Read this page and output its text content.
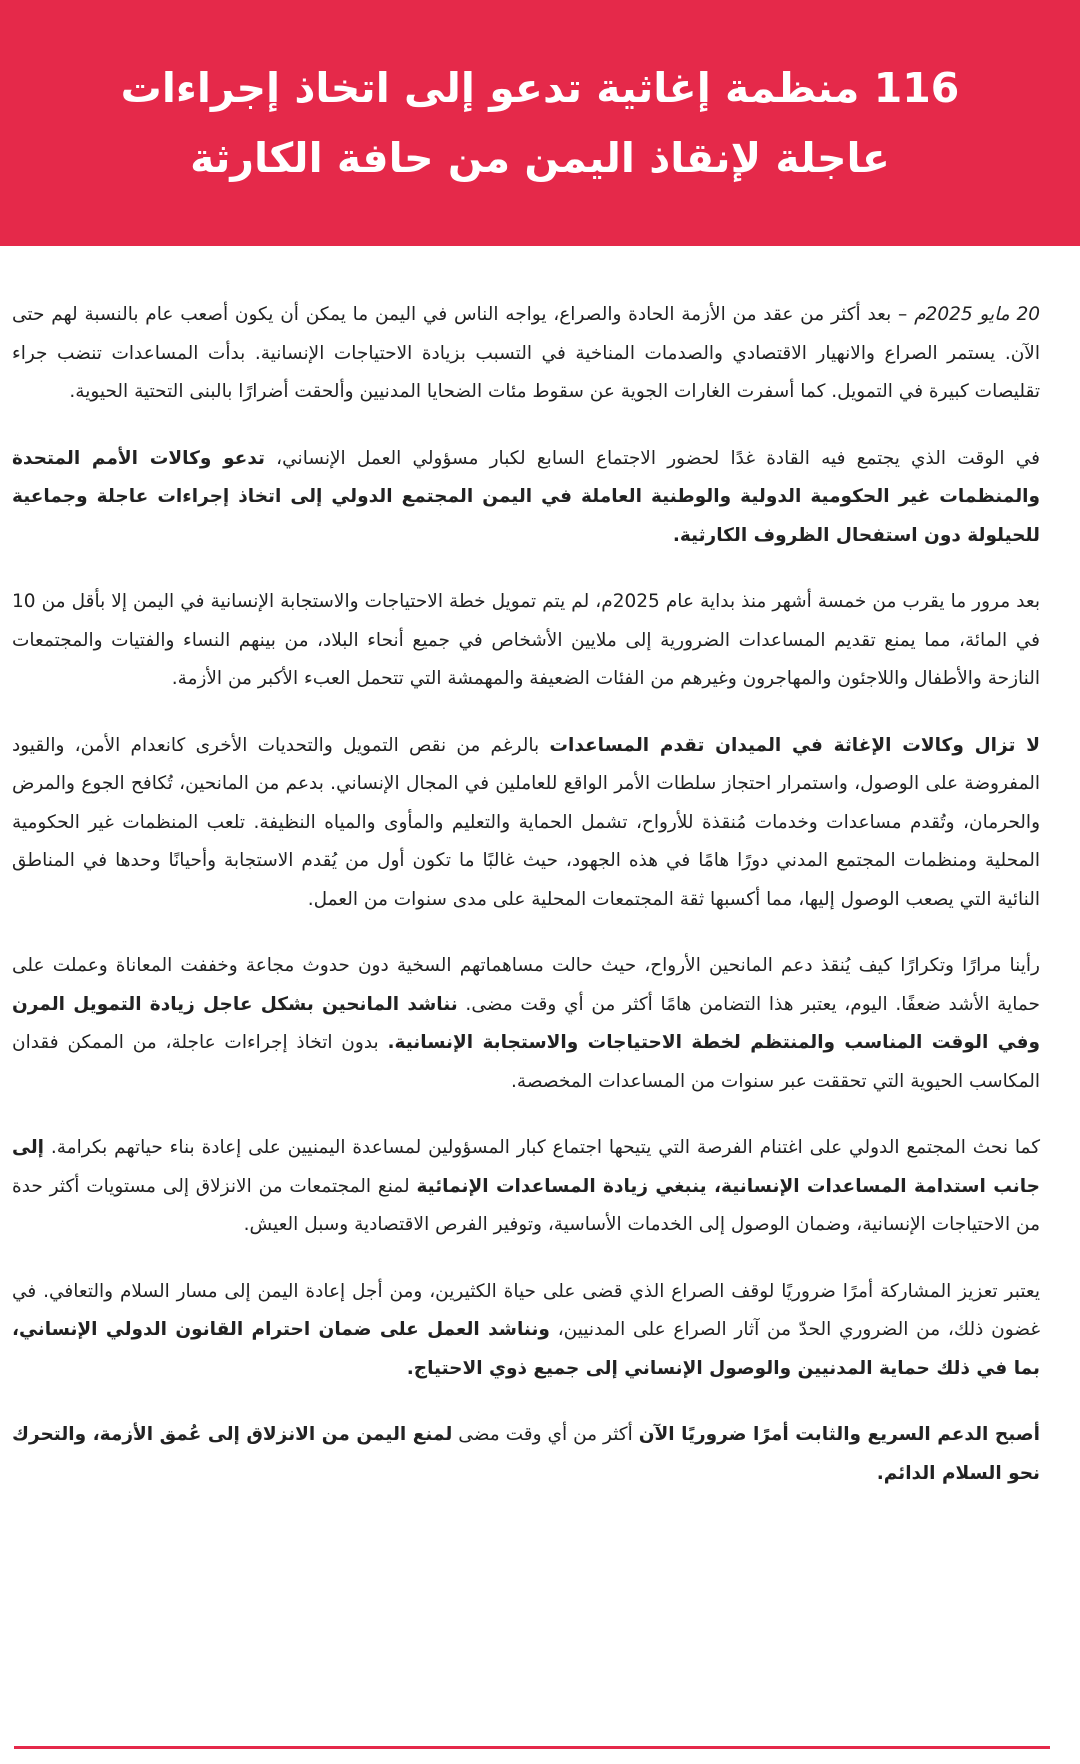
116 منظمة إغاثية تدعو إلى اتخاذ إجراءات عاجلة لإنقاذ اليمن من حافة الكارثة

20 مايو 2025م – بعد أكثر من عقد من الأزمة الحادة والصراع، يواجه الناس في اليمن ما يمكن أن يكون أصعب عام بالنسبة لهم حتى الآن. يستمر الصراع والانهيار الاقتصادي والصدمات المناخية في التسبب بزيادة الاحتياجات الإنسانية. بدأت المساعدات تنضب جراء تقليصات كبيرة في التمويل. كما أسفرت الغارات الجوية عن سقوط مئات الضحايا المدنيين وألحقت أضرارًا بالبنى التحتية الحيوية.

في الوقت الذي يجتمع فيه القادة غدًا لحضور الاجتماع السابع لكبار مسؤولي العمل الإنساني، تدعو وكالات الأمم المتحدة والمنظمات غير الحكومية الدولية والوطنية العاملة في اليمن المجتمع الدولي إلى اتخاذ إجراءات عاجلة وجماعية للحيلولة دون استفحال الظروف الكارثية.

بعد مرور ما يقرب من خمسة أشهر منذ بداية عام 2025م، لم يتم تمويل خطة الاحتياجات والاستجابة الإنسانية في اليمن إلا بأقل من 10 في المائة، مما يمنع تقديم المساعدات الضرورية إلى ملايين الأشخاص في جميع أنحاء البلاد، من بينهم النساء والفتيات والمجتمعات النازحة والأطفال واللاجئون والمهاجرون وغيرهم من الفئات الضعيفة والمهمشة التي تتحمل العبء الأكبر من الأزمة.

لا تزال وكالات الإغاثة في الميدان تقدم المساعدات بالرغم من نقص التمويل والتحديات الأخرى كانعدام الأمن، والقيود المفروضة على الوصول، واستمرار احتجاز سلطات الأمر الواقع للعاملين في المجال الإنساني. بدعم من المانحين، تُكافح الجوع والمرض والحرمان، وتُقدم مساعدات وخدمات مُنقذة للأرواح، تشمل الحماية والتعليم والمأوى والمياه النظيفة. تلعب المنظمات غير الحكومية المحلية ومنظمات المجتمع المدني دورًا هامًا في هذه الجهود، حيث غالبًا ما تكون أول من يُقدم الاستجابة وأحيانًا وحدها في المناطق النائية التي يصعب الوصول إليها، مما أكسبها ثقة المجتمعات المحلية على مدى سنوات من العمل.

رأينا مرارًا وتكرارًا كيف يُنقذ دعم المانحين الأرواح، حيث حالت مساهماتهم السخية دون حدوث مجاعة وخففت المعاناة وعملت على حماية الأشد ضعفًا. اليوم، يعتبر هذا التضامن هامًا أكثر من أي وقت مضى. نناشد المانحين بشكل عاجل زيادة التمويل المرن وفي الوقت المناسب والمنتظم لخطة الاحتياجات والاستجابة الإنسانية. بدون اتخاذ إجراءات عاجلة، من الممكن فقدان المكاسب الحيوية التي تحققت عبر سنوات من المساعدات المخصصة.

كما نحث المجتمع الدولي على اغتنام الفرصة التي يتيحها اجتماع كبار المسؤولين لمساعدة اليمنيين على إعادة بناء حياتهم بكرامة. إلى جانب استدامة المساعدات الإنسانية، ينبغي زيادة المساعدات الإنمائية لمنع المجتمعات من الانزلاق إلى مستويات أكثر حدة من الاحتياجات الإنسانية، وضمان الوصول إلى الخدمات الأساسية، وتوفير الفرص الاقتصادية وسبل العيش.

يعتبر تعزيز المشاركة أمرًا ضروريًا لوقف الصراع الذي قضى على حياة الكثيرين، ومن أجل إعادة اليمن إلى مسار السلام والتعافي. في غضون ذلك، من الضروري الحدّ من آثار الصراع على المدنيين، ونناشد العمل على ضمان احترام القانون الدولي الإنساني، بما في ذلك حماية المدنيين والوصول الإنساني إلى جميع ذوي الاحتياج.

أصبح الدعم السريع والثابت أمرًا ضروريًا الآن أكثر من أي وقت مضى لمنع اليمن من الانزلاق إلى عُمق الأزمة، والتحرك نحو السلام الدائم.
